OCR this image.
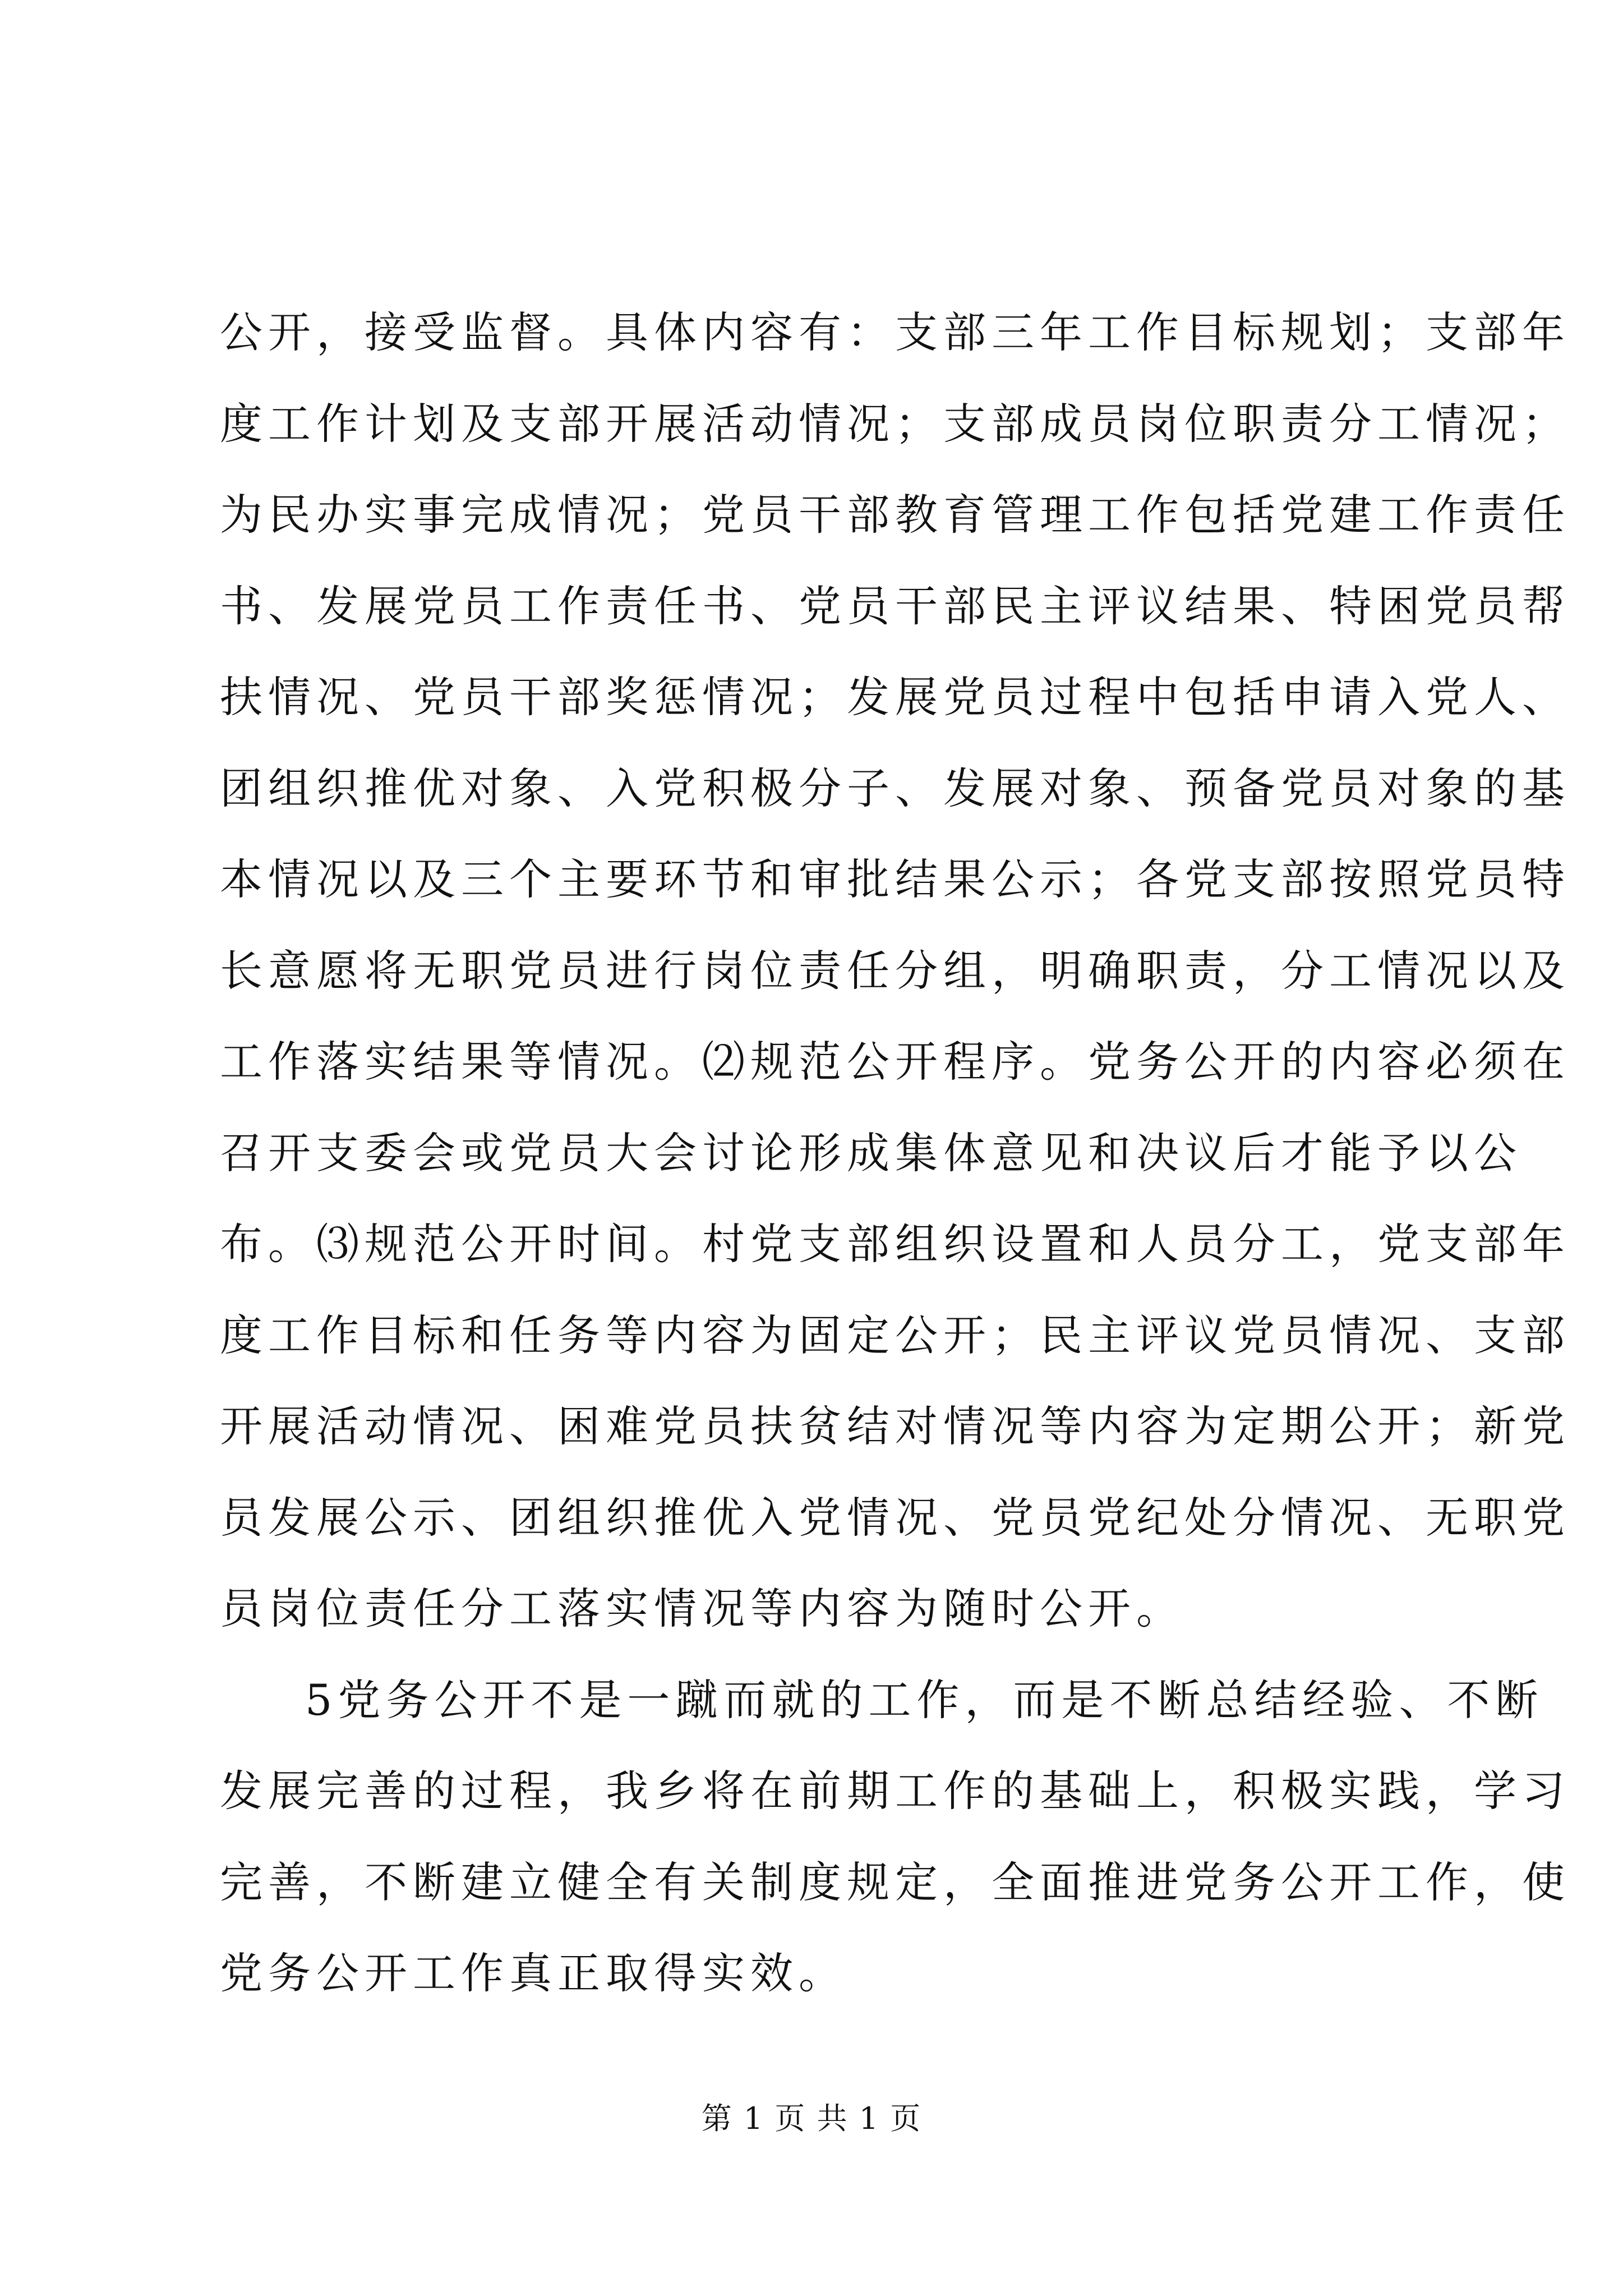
公开，接受监督。具体内容有：支部三年工作目标规划；支部年
度工作计划及支部开展活动情况；支部成员岗位职责分工情况；
为民办实事完成情况；党员干部教育管理工作包括党建工作责任
书、发展党员工作责任书、党员干部民主评议结果、特困党员帮
扶情况、党员干部奖惩情况；发展党员过程中包括申请入党人、
团组织推优对象、入党积极分子、发展对象、预备党员对象的基
本情况以及三个主要环节和审批结果公示；各党支部按照党员特
长意愿将无职党员进行岗位责任分组，明确职责，分工情况以及
工作落实结果等情况。⑵规范公开程序。党务公开的内容必须在
召开支委会或党员大会讨论形成集体意见和决议后才能予以公
布。⑶规范公开时间。村党支部组织设置和人员分工，党支部年
度工作目标和任务等内容为固定公开；民主评议党员情况、支部
开展活动情况、困难党员扶贫结对情况等内容为定期公开；新党
员发展公示、团组织推优入党情况、党员党纪处分情况、无职党
员岗位责任分工落实情况等内容为随时公开。
5党务公开不是一蹴而就的工作，而是不断总结经验、不断
发展完善的过程，我乡将在前期工作的基础上，积极实践，学习
完善，不断建立健全有关制度规定，全面推进党务公开工作，使
党务公开工作真正取得实效。
第 1 页 共 1 页
